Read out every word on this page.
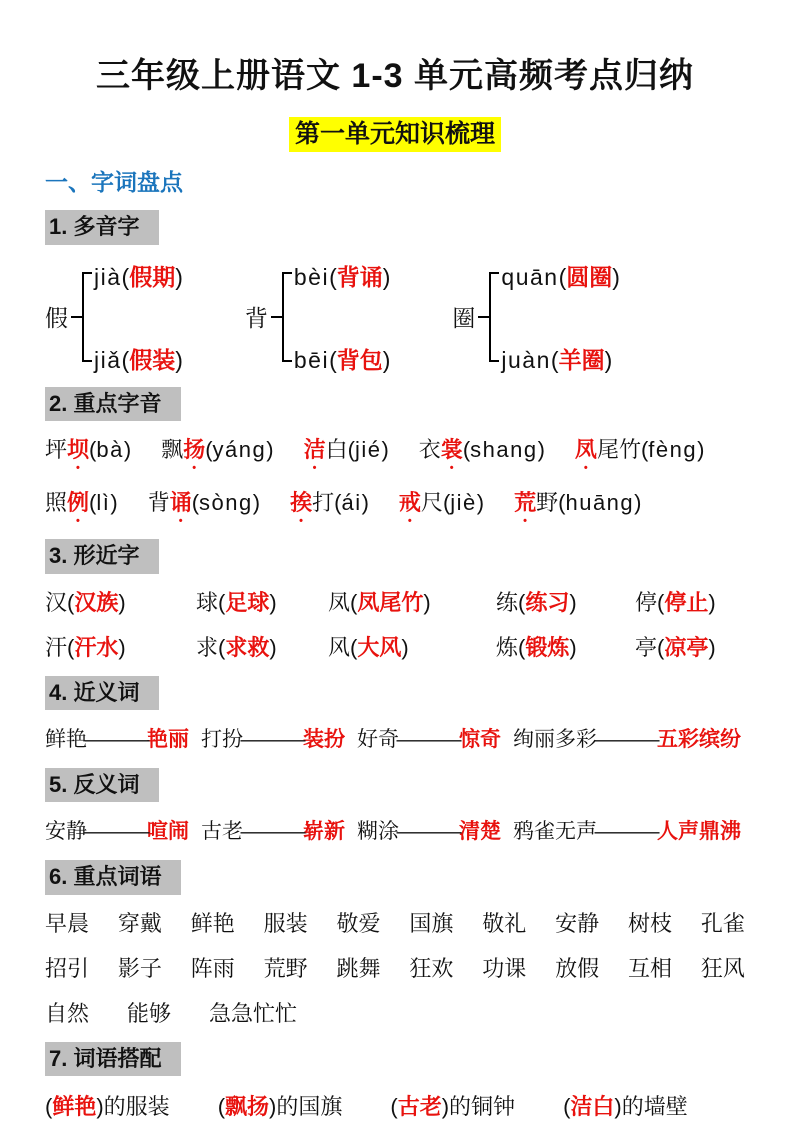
三年级上册语文 1-3 单元高频考点归纳
第一单元知识梳理
一、字词盘点
1. 多音字
假
jià(假期)
jiǎ(假装)
背
bèi(背诵)
bēi(背包)
圈
quān(圆圈)
juàn(羊圈)
2. 重点字音
坪坝(bà) 飘扬(yáng) 洁白(jié) 衣裳(shang) 凤尾竹(fèng)
照例(lì) 背诵(sòng) 挨打(ái) 戒尺(jiè) 荒野(huāng)
3. 形近字
汉(汉族)	球(足球)	凤(凤尾竹)	练(练习)	停(停止)
汗(汗水)	求(求救)	风(大风)	炼(锻炼)	亭(凉亭)
4. 近义词
鲜艳——艳丽 打扮——装扮 好奇——惊奇 绚丽多彩——五彩缤纷
5. 反义词
安静——喧闹 古老——崭新 糊涂——清楚 鸦雀无声——人声鼎沸
6. 重点词语
早晨 穿戴 鲜艳 服装 敬爱 国旗 敬礼 安静 树枝 孔雀
招引 影子 阵雨 荒野 跳舞 狂欢 功课 放假 互相 狂风
自然 能够 急急忙忙
7. 词语搭配
(鲜艳)的服装 (飘扬)的国旗 (古老)的铜钟 (洁白)的墙壁
